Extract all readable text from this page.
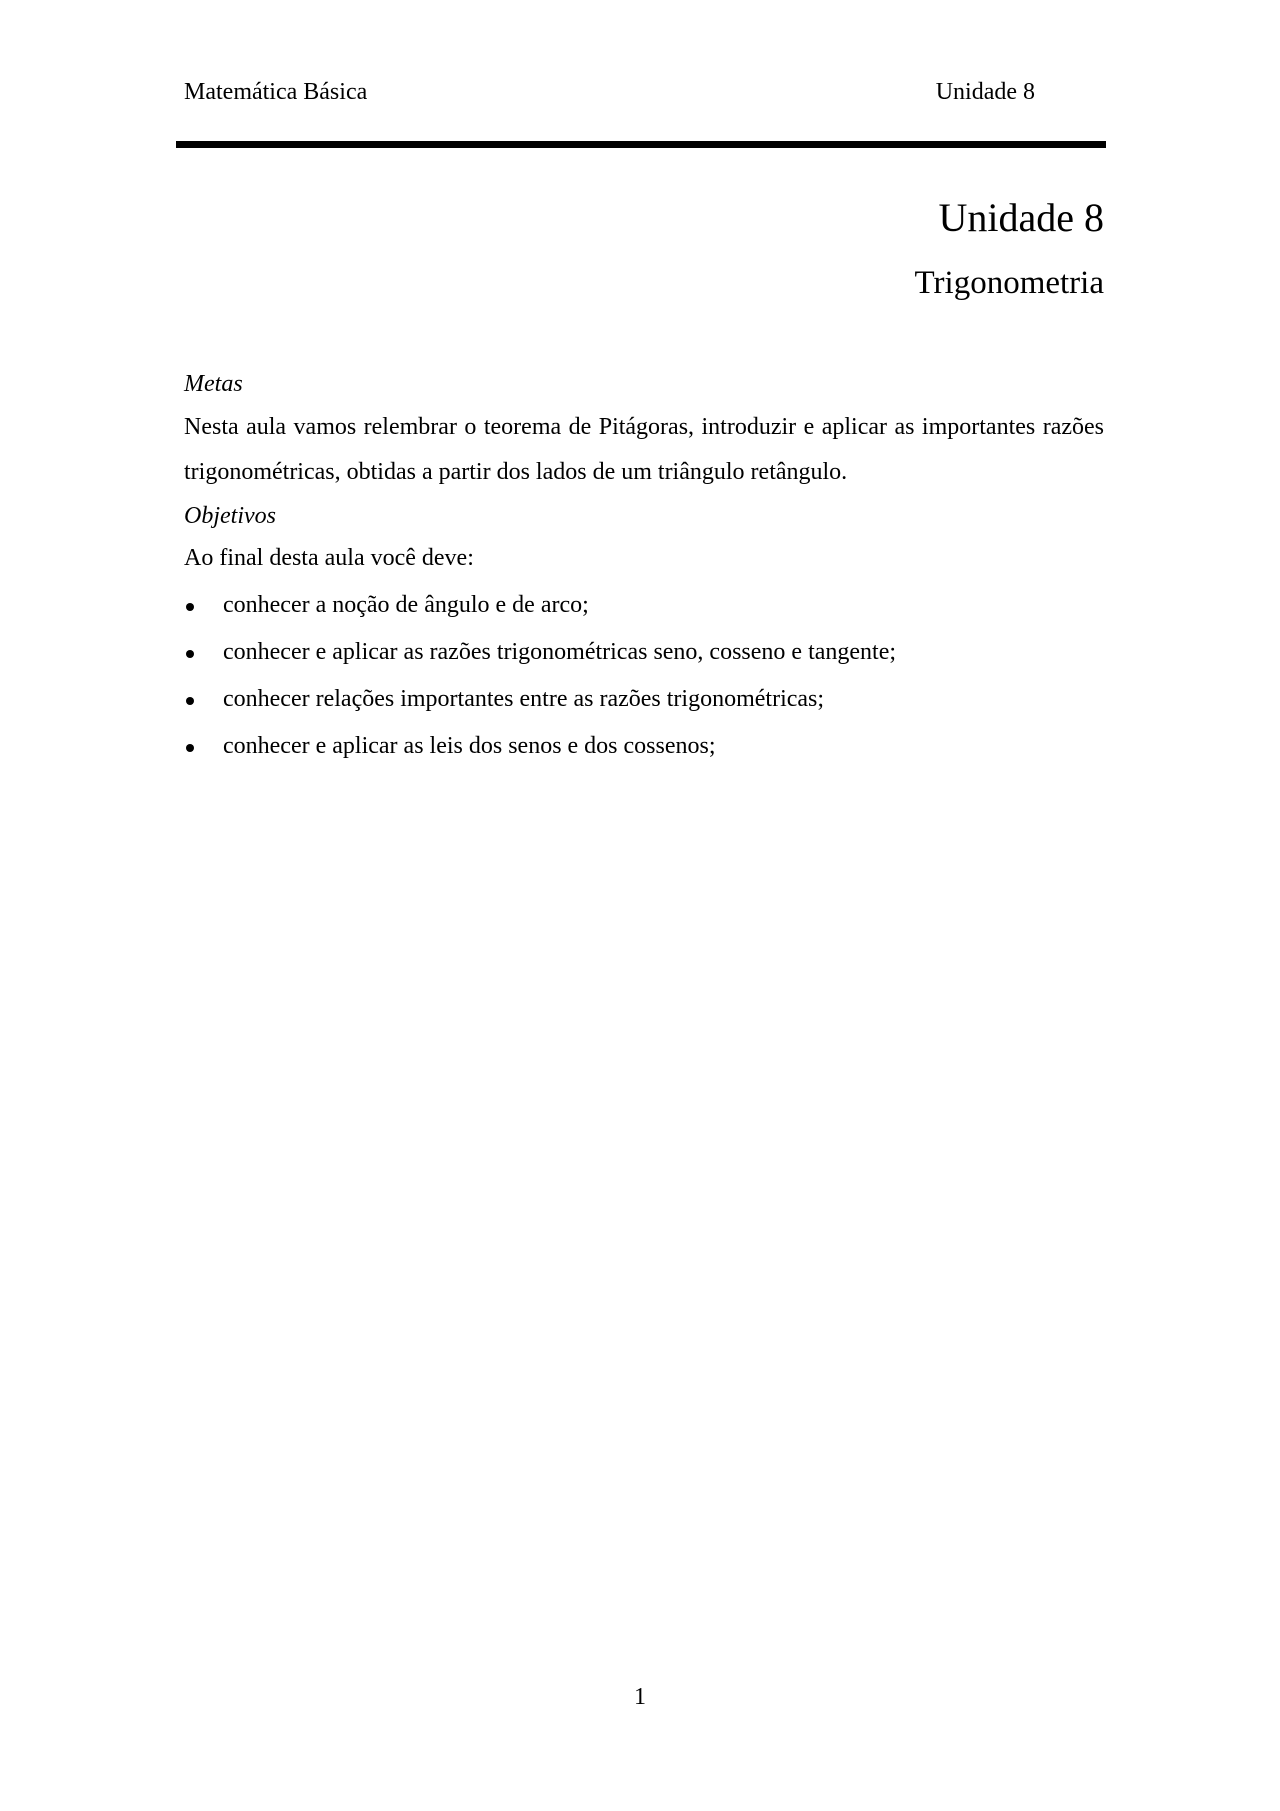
Matemática Básica	Unidade 8
Unidade 8
Trigonometria

Metas

Nesta aula vamos relembrar o teorema de Pitágoras, introduzir e aplicar as importantes razões trigonométricas, obtidas a partir dos lados de um triângulo retângulo.

Objetivos

Ao final desta aula você deve:

conhecer a noção de ângulo e de arco;
conhecer e aplicar as razões trigonométricas seno, cosseno e tangente;
conhecer relações importantes entre as razões trigonométricas;
conhecer e aplicar as leis dos senos e dos cossenos;
1
